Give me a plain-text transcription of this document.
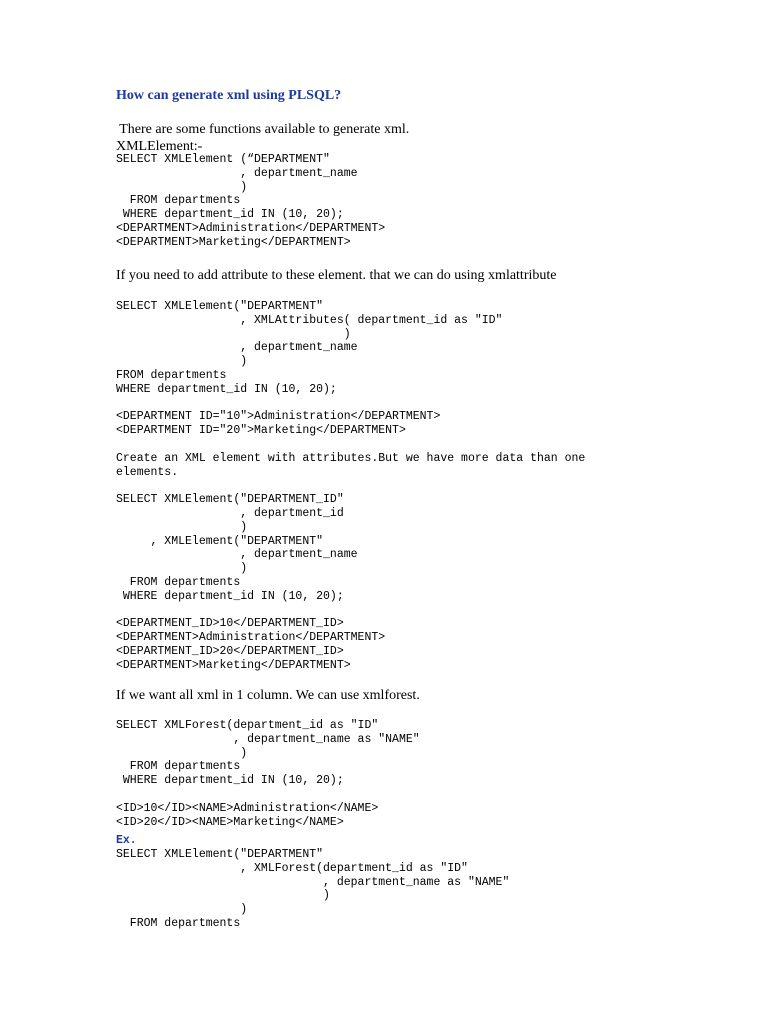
How can generate xml using PLSQL?
There are some functions available to generate xml.
XMLElement:-
SELECT XMLElement (“DEPARTMENT"
, department_name
)
FROM departments
WHERE department_id IN (10, 20);
<DEPARTMENT>Administration</DEPARTMENT>
<DEPARTMENT>Marketing</DEPARTMENT>
If you need to add attribute to these element. that we can do using xmlattribute
SELECT XMLElement("DEPARTMENT"
, XMLAttributes( department_id as "ID"
)
, department_name
)
FROM departments
WHERE department_id IN (10, 20);
<DEPARTMENT ID="10">Administration</DEPARTMENT>
<DEPARTMENT ID="20">Marketing</DEPARTMENT>
Create an XML element with attributes.But we have more data than one
elements.
SELECT XMLElement("DEPARTMENT_ID"
, department_id
)
, XMLElement("DEPARTMENT"
, department_name
)
FROM departments
WHERE department_id IN (10, 20);
<DEPARTMENT_ID>10</DEPARTMENT_ID>
<DEPARTMENT>Administration</DEPARTMENT>
<DEPARTMENT_ID>20</DEPARTMENT_ID>
<DEPARTMENT>Marketing</DEPARTMENT>
If we want all xml in 1 column. We can use xmlforest.
SELECT XMLForest(department_id as "ID"
, department_name as "NAME"
)
FROM departments
WHERE department_id IN (10, 20);
<ID>10</ID><NAME>Administration</NAME>
<ID>20</ID><NAME>Marketing</NAME>
Ex.
SELECT XMLElement("DEPARTMENT"
, XMLForest(department_id as "ID"
, department_name as "NAME"
)
)
FROM departments
